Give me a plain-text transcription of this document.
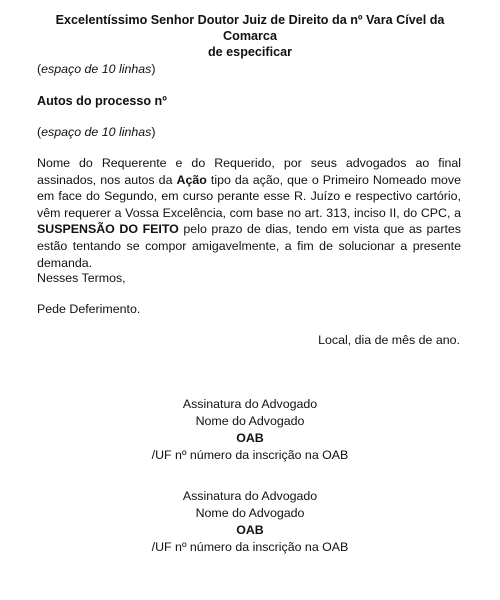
Excelentíssimo Senhor Doutor Juiz de Direito da nº Vara Cível da Comarca
de especificar
(espaço de 10 linhas)
Autos do processo nº
(espaço de 10 linhas)
Nome do Requerente e do Requerido, por seus advogados ao final assinados, nos autos da Ação tipo da ação, que o Primeiro Nomeado move em face do Segundo, em curso perante esse R. Juízo e respectivo cartório, vêm requerer a Vossa Excelência, com base no art. 313, inciso II, do CPC, a SUSPENSÃO DO FEITO pelo prazo de dias, tendo em vista que as partes estão tentando se compor amigavelmente, a fim de solucionar a presente demanda.
Nesses Termos,
Pede Deferimento.
Local, dia de mês de ano.
Assinatura do Advogado
Nome do Advogado
OAB
/UF nº número da inscrição na OAB
Assinatura do Advogado
Nome do Advogado
OAB
/UF nº número da inscrição na OAB
